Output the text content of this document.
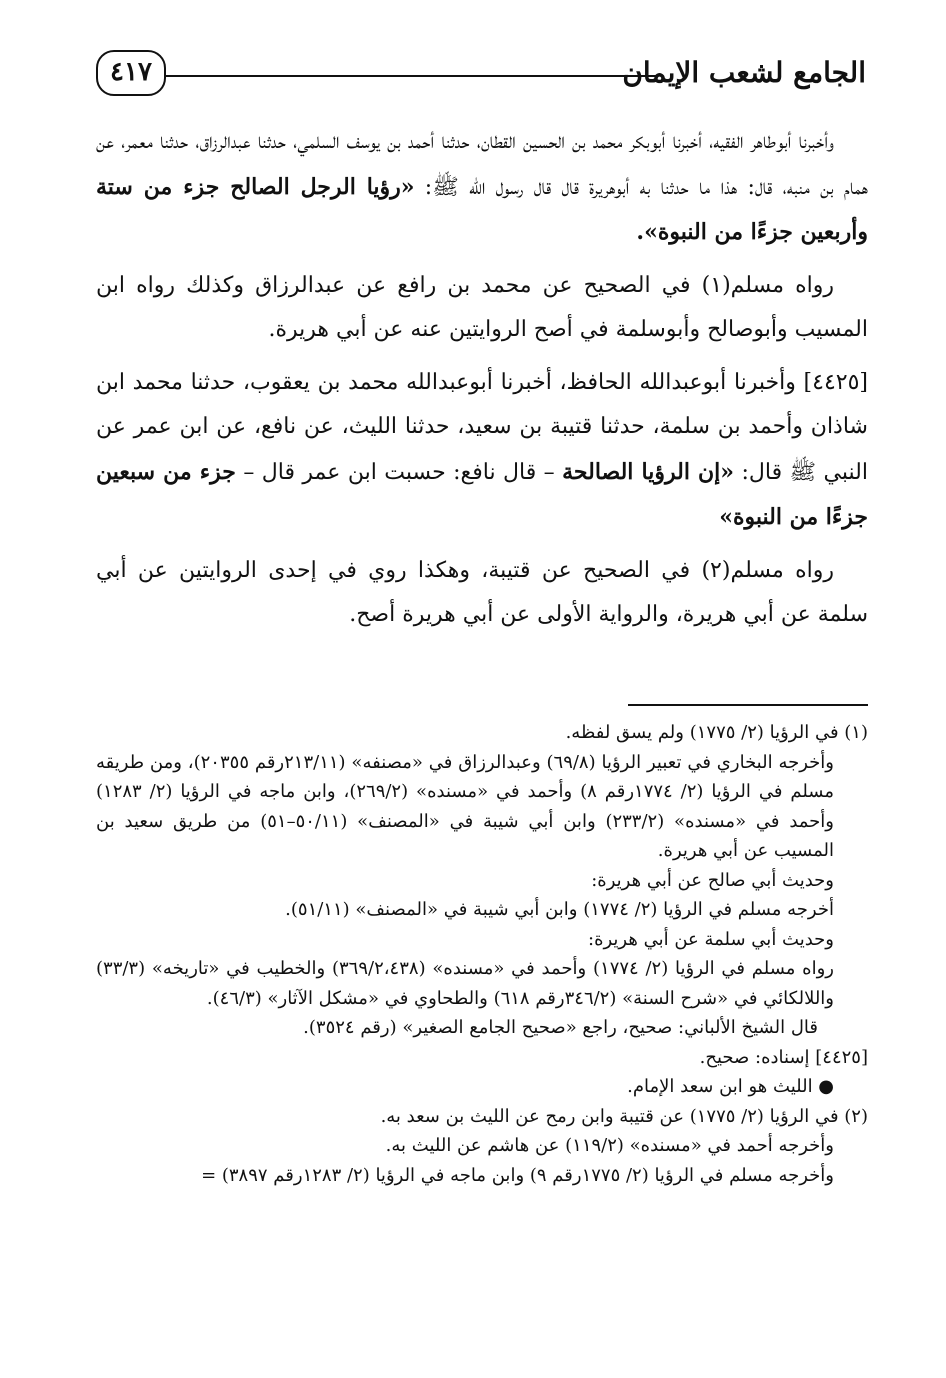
٤١٧	الجامع لشعب الإيمان

وأخبرنا أبوطاهر الفقيه، أخبرنا أبوبكر محمد بن الحسين القطان، حدثنا أحمد بن يوسف السلمي، حدثنا عبدالرزاق، حدثنا معمر، عن همام بن منبه، قال: هذا ما حدثنا به أبوهريرة قال قال رسول الله ﷺ: «رؤيا الرجل الصالح جزء من ستة وأربعين جزءًا من النبوة».

رواه مسلم(١) في الصحيح عن محمد بن رافع عن عبدالرزاق وكذلك رواه ابن المسيب وأبوصالح وأبوسلمة في أصح الروايتين عنه عن أبي هريرة.

[٤٤٢٥] وأخبرنا أبوعبدالله الحافظ، أخبرنا أبوعبدالله محمد بن يعقوب، حدثنا محمد ابن شاذان وأحمد بن سلمة، حدثنا قتيبة بن سعيد، حدثنا الليث، عن نافع، عن ابن عمر عن النبي ﷺ قال: «إن الرؤيا الصالحة – قال نافع: حسبت ابن عمر قال – جزء من سبعين جزءًا من النبوة»

رواه مسلم(٢) في الصحيح عن قتيبة، وهكذا روي في إحدى الروايتين عن أبي سلمة عن أبي هريرة، والرواية الأولى عن أبي هريرة أصح.

(١) في الرؤيا (٢/ ١٧٧٥) ولم يسق لفظه.

وأخرجه البخاري في تعبير الرؤيا (٦٩/٨) وعبدالرزاق في «مصنفه» (٢١٣/١١رقم ٢٠٣٥٥)، ومن طريقه مسلم في الرؤيا (٢/ ١٧٧٤رقم ٨) وأحمد في «مسنده» (٢٦٩/٢)، وابن ماجه في الرؤيا (٢/ ١٢٨٣) وأحمد في «مسنده» (٢٣٣/٢) وابن أبي شيبة في «المصنف» (٥٠/١١–٥١) من طريق سعيد بن المسيب عن أبي هريرة.

وحديث أبي صالح عن أبي هريرة:

أخرجه مسلم في الرؤيا (٢/ ١٧٧٤) وابن أبي شيبة في «المصنف» (٥١/١١).

وحديث أبي سلمة عن أبي هريرة:

رواه مسلم في الرؤيا (٢/ ١٧٧٤) وأحمد في «مسنده» (٣٦٩/٢،٤٣٨) والخطيب في «تاريخه» (٣٣/٣) واللالكائي في «شرح السنة» (٣٤٦/٢رقم ٦١٨) والطحاوي في «مشكل الآثار» (٤٦/٣).

قال الشيخ الألباني: صحيح، راجع «صحيح الجامع الصغير» (رقم ٣٥٢٤).

[٤٤٢٥] إسناده: صحيح.

● الليث هو ابن سعد الإمام.

(٢) في الرؤيا (٢/ ١٧٧٥) عن قتيبة وابن رمح عن الليث بن سعد به.

وأخرجه أحمد في «مسنده» (١١٩/٢) عن هاشم عن الليث به.

وأخرجه مسلم في الرؤيا (٢/ ١٧٧٥رقم ٩) وابن ماجه في الرؤيا (٢/ ١٢٨٣رقم ٣٨٩٧) =
